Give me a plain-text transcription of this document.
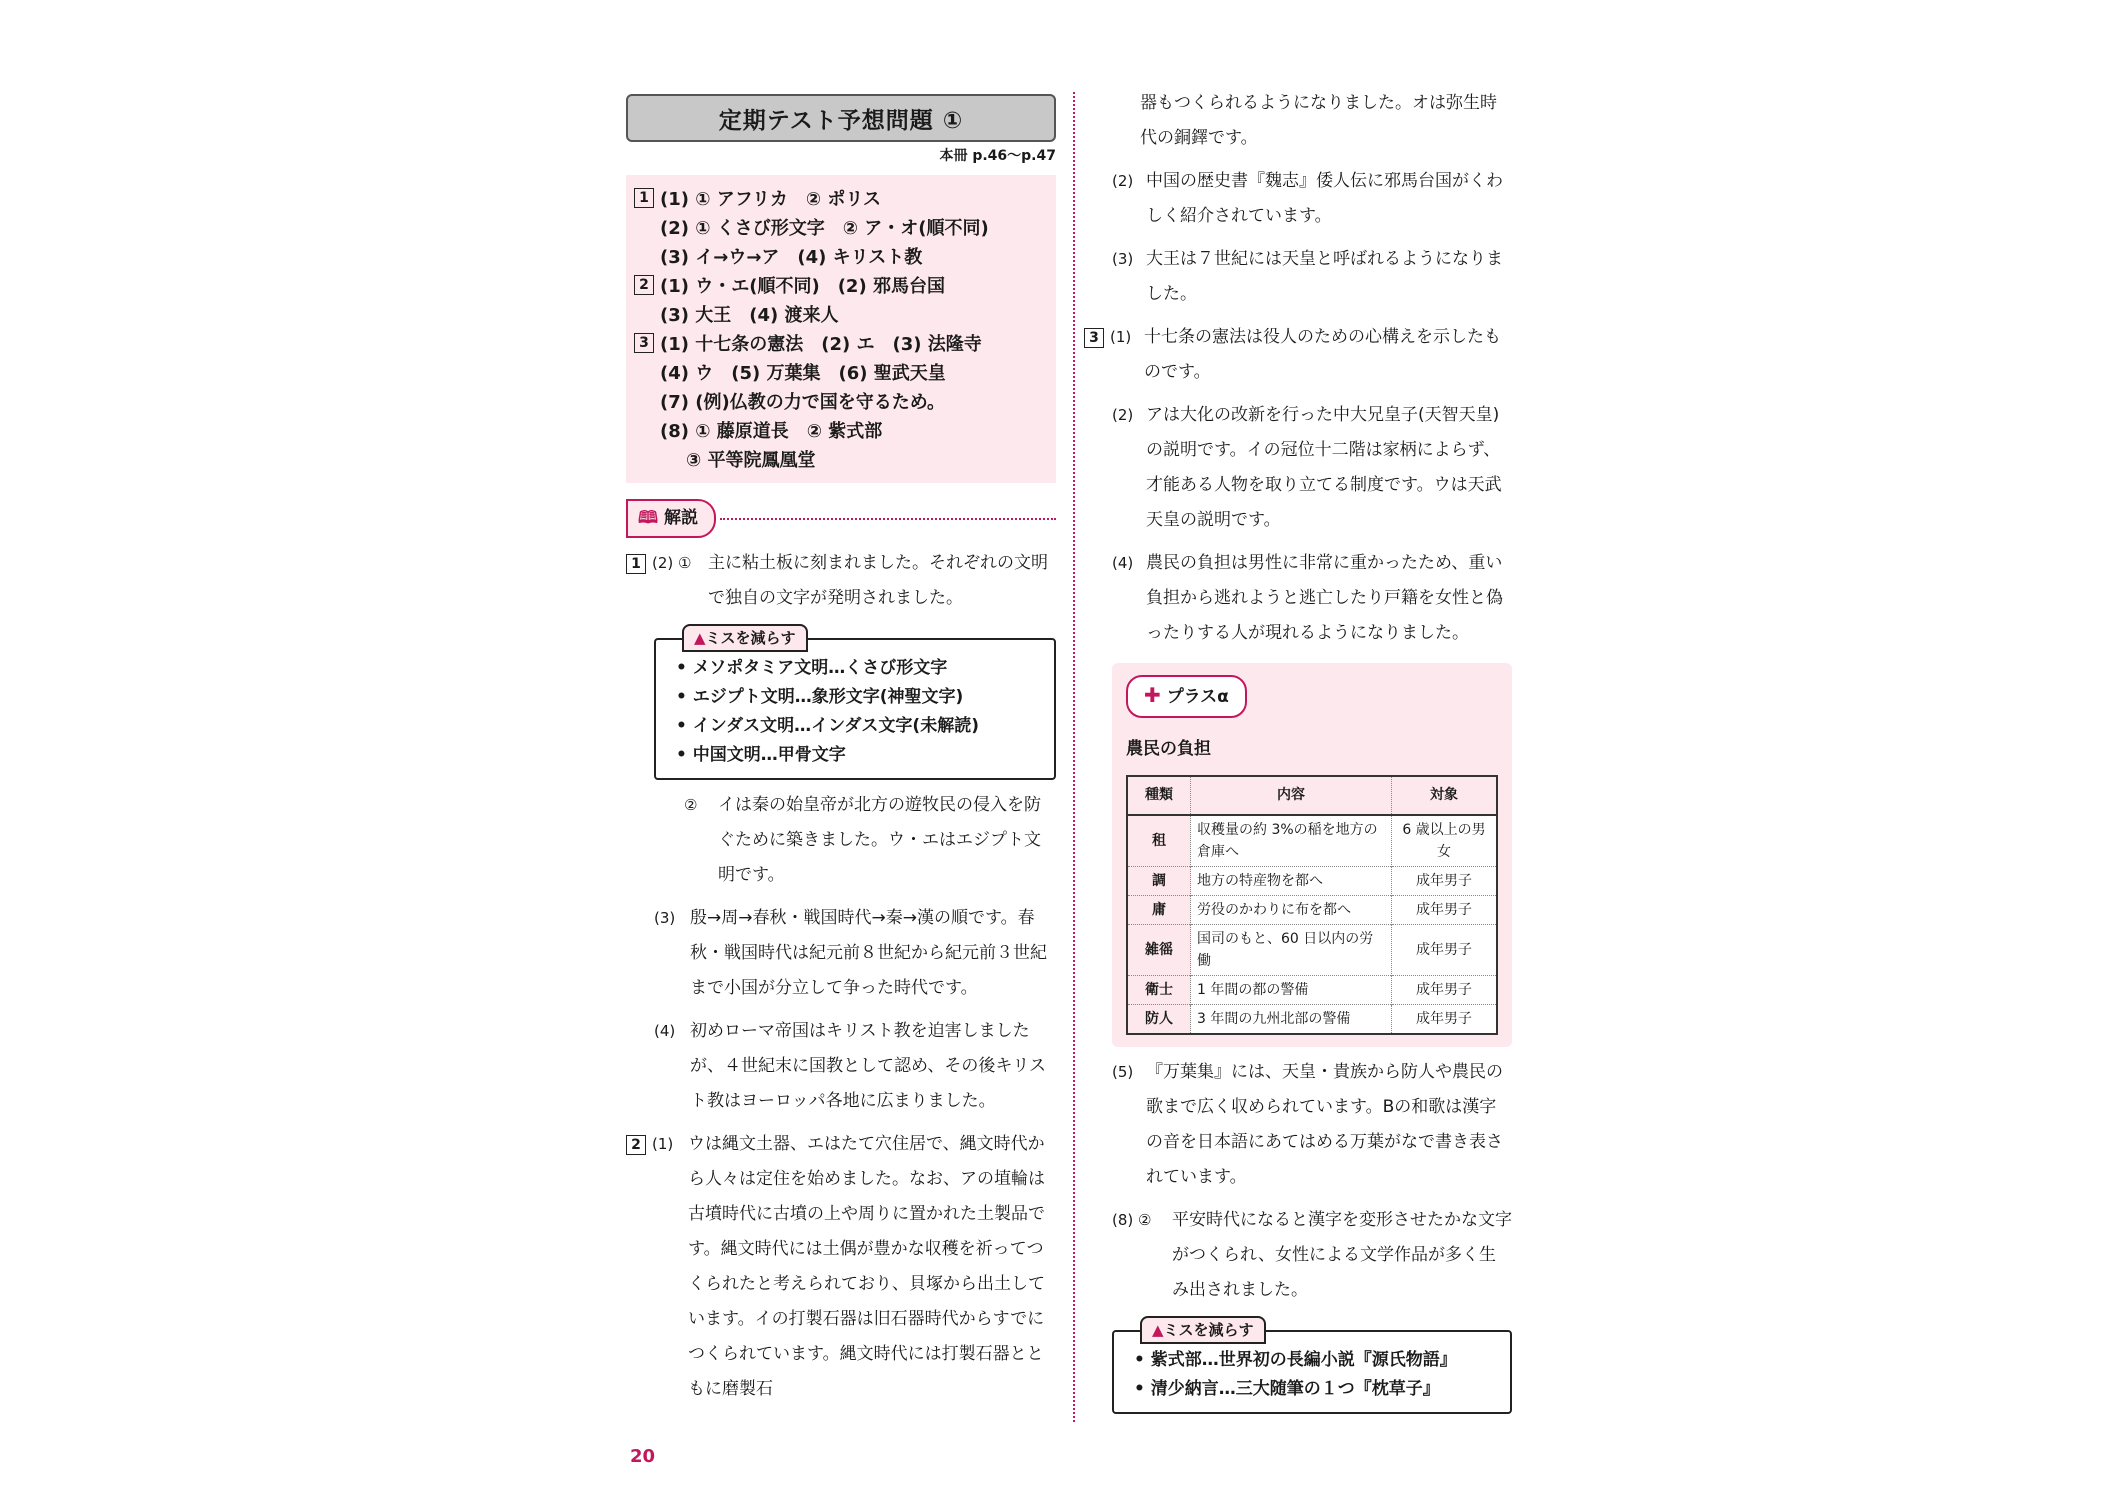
定期テスト予想問題 ①
本冊 p.46〜p.47
1 (1) ① アフリカ　② ポリス
(2) ① くさび形文字　② ア・オ(順不同)
(3) イ→ウ→ア　(4) キリスト教
2 (1) ウ・エ(順不同)　(2) 邪馬台国
(3) 大王　(4) 渡来人
3 (1) 十七条の憲法　(2) エ　(3) 法隆寺
(4) ウ　(5) 万葉集　(6) 聖武天皇
(7) (例)仏教の力で国を守るため。
(8) ① 藤原道長　② 紫式部
③ 平等院鳳凰堂
🕮 解説
1 (2) ① 主に粘土板に刻まれました。それぞれの文明で独自の文字が発明されました。
▲ミスを減らす
• メソポタミア文明…くさび形文字
• エジプト文明…象形文字(神聖文字)
• インダス文明…インダス文字(未解読)
• 中国文明…甲骨文字
②	イは秦の始皇帝が北方の遊牧民の侵入を防ぐために築きました。ウ・エはエジプト文明です。
(3) 殷→周→春秋・戦国時代→秦→漢の順です。春秋・戦国時代は紀元前８世紀から紀元前３世紀まで小国が分立して争った時代です。
(4) 初めローマ帝国はキリスト教を迫害しましたが、４世紀末に国教として認め、その後キリスト教はヨーロッパ各地に広まりました。
2 (1) ウは縄文土器、エはたて穴住居で、縄文時代から人々は定住を始めました。なお、アの埴輪は古墳時代に古墳の上や周りに置かれた土製品です。縄文時代には土偶が豊かな収穫を祈ってつくられたと考えられており、貝塚から出土しています。イの打製石器は旧石器時代からすでにつくられています。縄文時代には打製石器とともに磨製石
器もつくられるようになりました。オは弥生時代の銅鐸です。
(2) 中国の歴史書『魏志』倭人伝に邪馬台国がくわしく紹介されています。
(3) 大王は７世紀には天皇と呼ばれるようになりました。
3 (1) 十七条の憲法は役人のための心構えを示したものです。
(2) アは大化の改新を行った中大兄皇子(天智天皇)の説明です。イの冠位十二階は家柄によらず、才能ある人物を取り立てる制度です。ウは天武天皇の説明です。
(4) 農民の負担は男性に非常に重かったため、重い負担から逃れようと逃亡したり戸籍を女性と偽ったりする人が現れるようになりました。
✚ プラスα
農民の負担
種類	内容	対象
租	収穫量の約 3%の稲を地方の倉庫へ	6 歳以上の男女
調	地方の特産物を都へ	成年男子
庸	労役のかわりに布を都へ	成年男子
雑徭	国司のもと、60 日以内の労働	成年男子
衛士	1 年間の都の警備	成年男子
防人	3 年間の九州北部の警備	成年男子
(5) 『万葉集』には、天皇・貴族から防人や農民の歌まで広く収められています。Bの和歌は漢字の音を日本語にあてはめる万葉がなで書き表されています。
(8) ②	平安時代になると漢字を変形させたかな文字がつくられ、女性による文学作品が多く生み出されました。
▲ミスを減らす
• 紫式部…世界初の長編小説『源氏物語』
• 清少納言…三大随筆の１つ『枕草子』
20
